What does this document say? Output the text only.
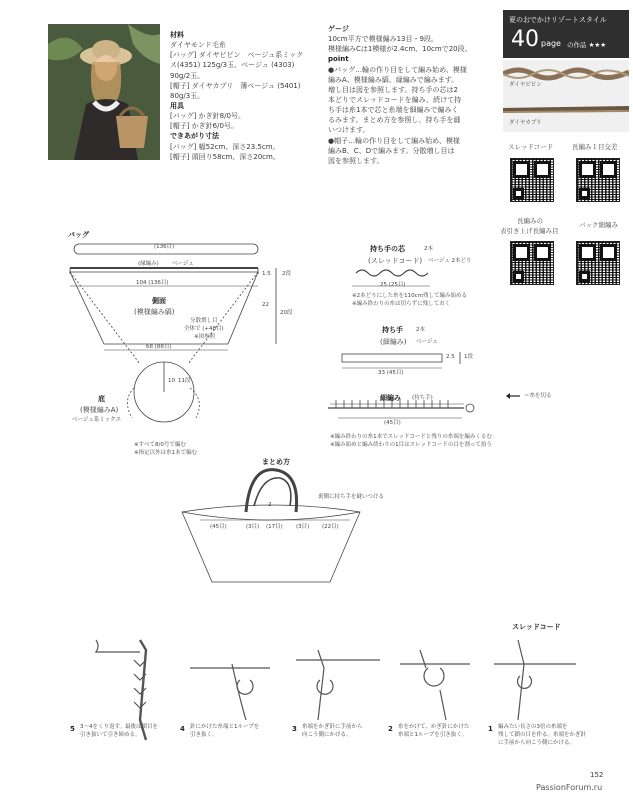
材料
ダイヤモンド毛糸
[バッグ] ダイヤピピン　ベージュ系ミック
ス(4351) 125g/3玉、ベージュ (4303)
90g/2玉。
[帽子] ダイヤカプリ　薄ベージュ (5401)
80g/3玉。
用具
[バッグ] かぎ針8/0号。
[帽子] かぎ針6/0号。
できあがり寸法
[バッグ] 幅52cm、深さ23.5cm。
[帽子] 頭回り58cm、深さ20cm。
ゲージ
10cm平方で模様編み13目・9段。
模様編みCは1模様が2.4cm、10cmで20段。
point
●バッグ…輪の作り目をして編み始め、模様
編みA、模様編み縞、縁編みで編みます。
増し目は図を参照します。持ち手の芯は2
本どりでスレッドコードを編み、続けて持
ち手は糸1本で芯と糸端を細編みで編みく
るみます。まとめ方を参照し、持ち手を縫
いつけます。
●帽子…輪の作り目をして編み始め、模様
編みB、C、Dで編みます。分散増し目は
図を参照します。
夏のおでかけリゾートスタイル
40 page の作品 ★★★
ダイヤピピン
ダイヤカプリ
スレッドコード	長編み１目交差
長編みの
表引き上げ長編み目
バック細編み
バッグ
(136目)
(縁編み) ベージュ
104 (136目)
側面
(模様編み縞)
分散増し目
全体で (+48目)
※図参照
68 (88目)
1.5 2段
22
20段
10 11段
底
(模様編みA)
ベージュ系ミックス
※すべて8/0号で編む
※指定以外は糸1本で編む
持ち手の芯	2本
(スレッドコード) ベージュ 2本どり
25 (25目)
※2本どりにした糸を110cm残して編み始める
※編み終わりの糸は切らずに残しておく
持ち手 2本
(細編み) ベージュ
2.5 1段
33 (45目)
細編み (持ち手)
(45目)
※編み終わりの糸1本でスレッドコードと残りの糸端を編みくるむ
※編み始めと編み終わりの1目はスレッドコードの目を割って拾う
＝糸を切る
まとめ方
裏側に持ち手を縫いつける
2
(45目)	(3目) (17目) (3目) (22目)
スレッドコード
5 3～4をくり返す。最後は鎖目を
引き抜いて引き締める。
4 針にかけた糸端と1ループを
引き抜く。
3 糸端をかぎ針に手前から
向こう側にかける。
2 糸をかけて、かぎ針にかけた
糸端と1ループを引き抜く。
1 編みたい長さの3倍の糸端を
残して鎖の目を作る。糸端をかぎ針
に手前から向こう側にかける。
152
PassionForum.ru
